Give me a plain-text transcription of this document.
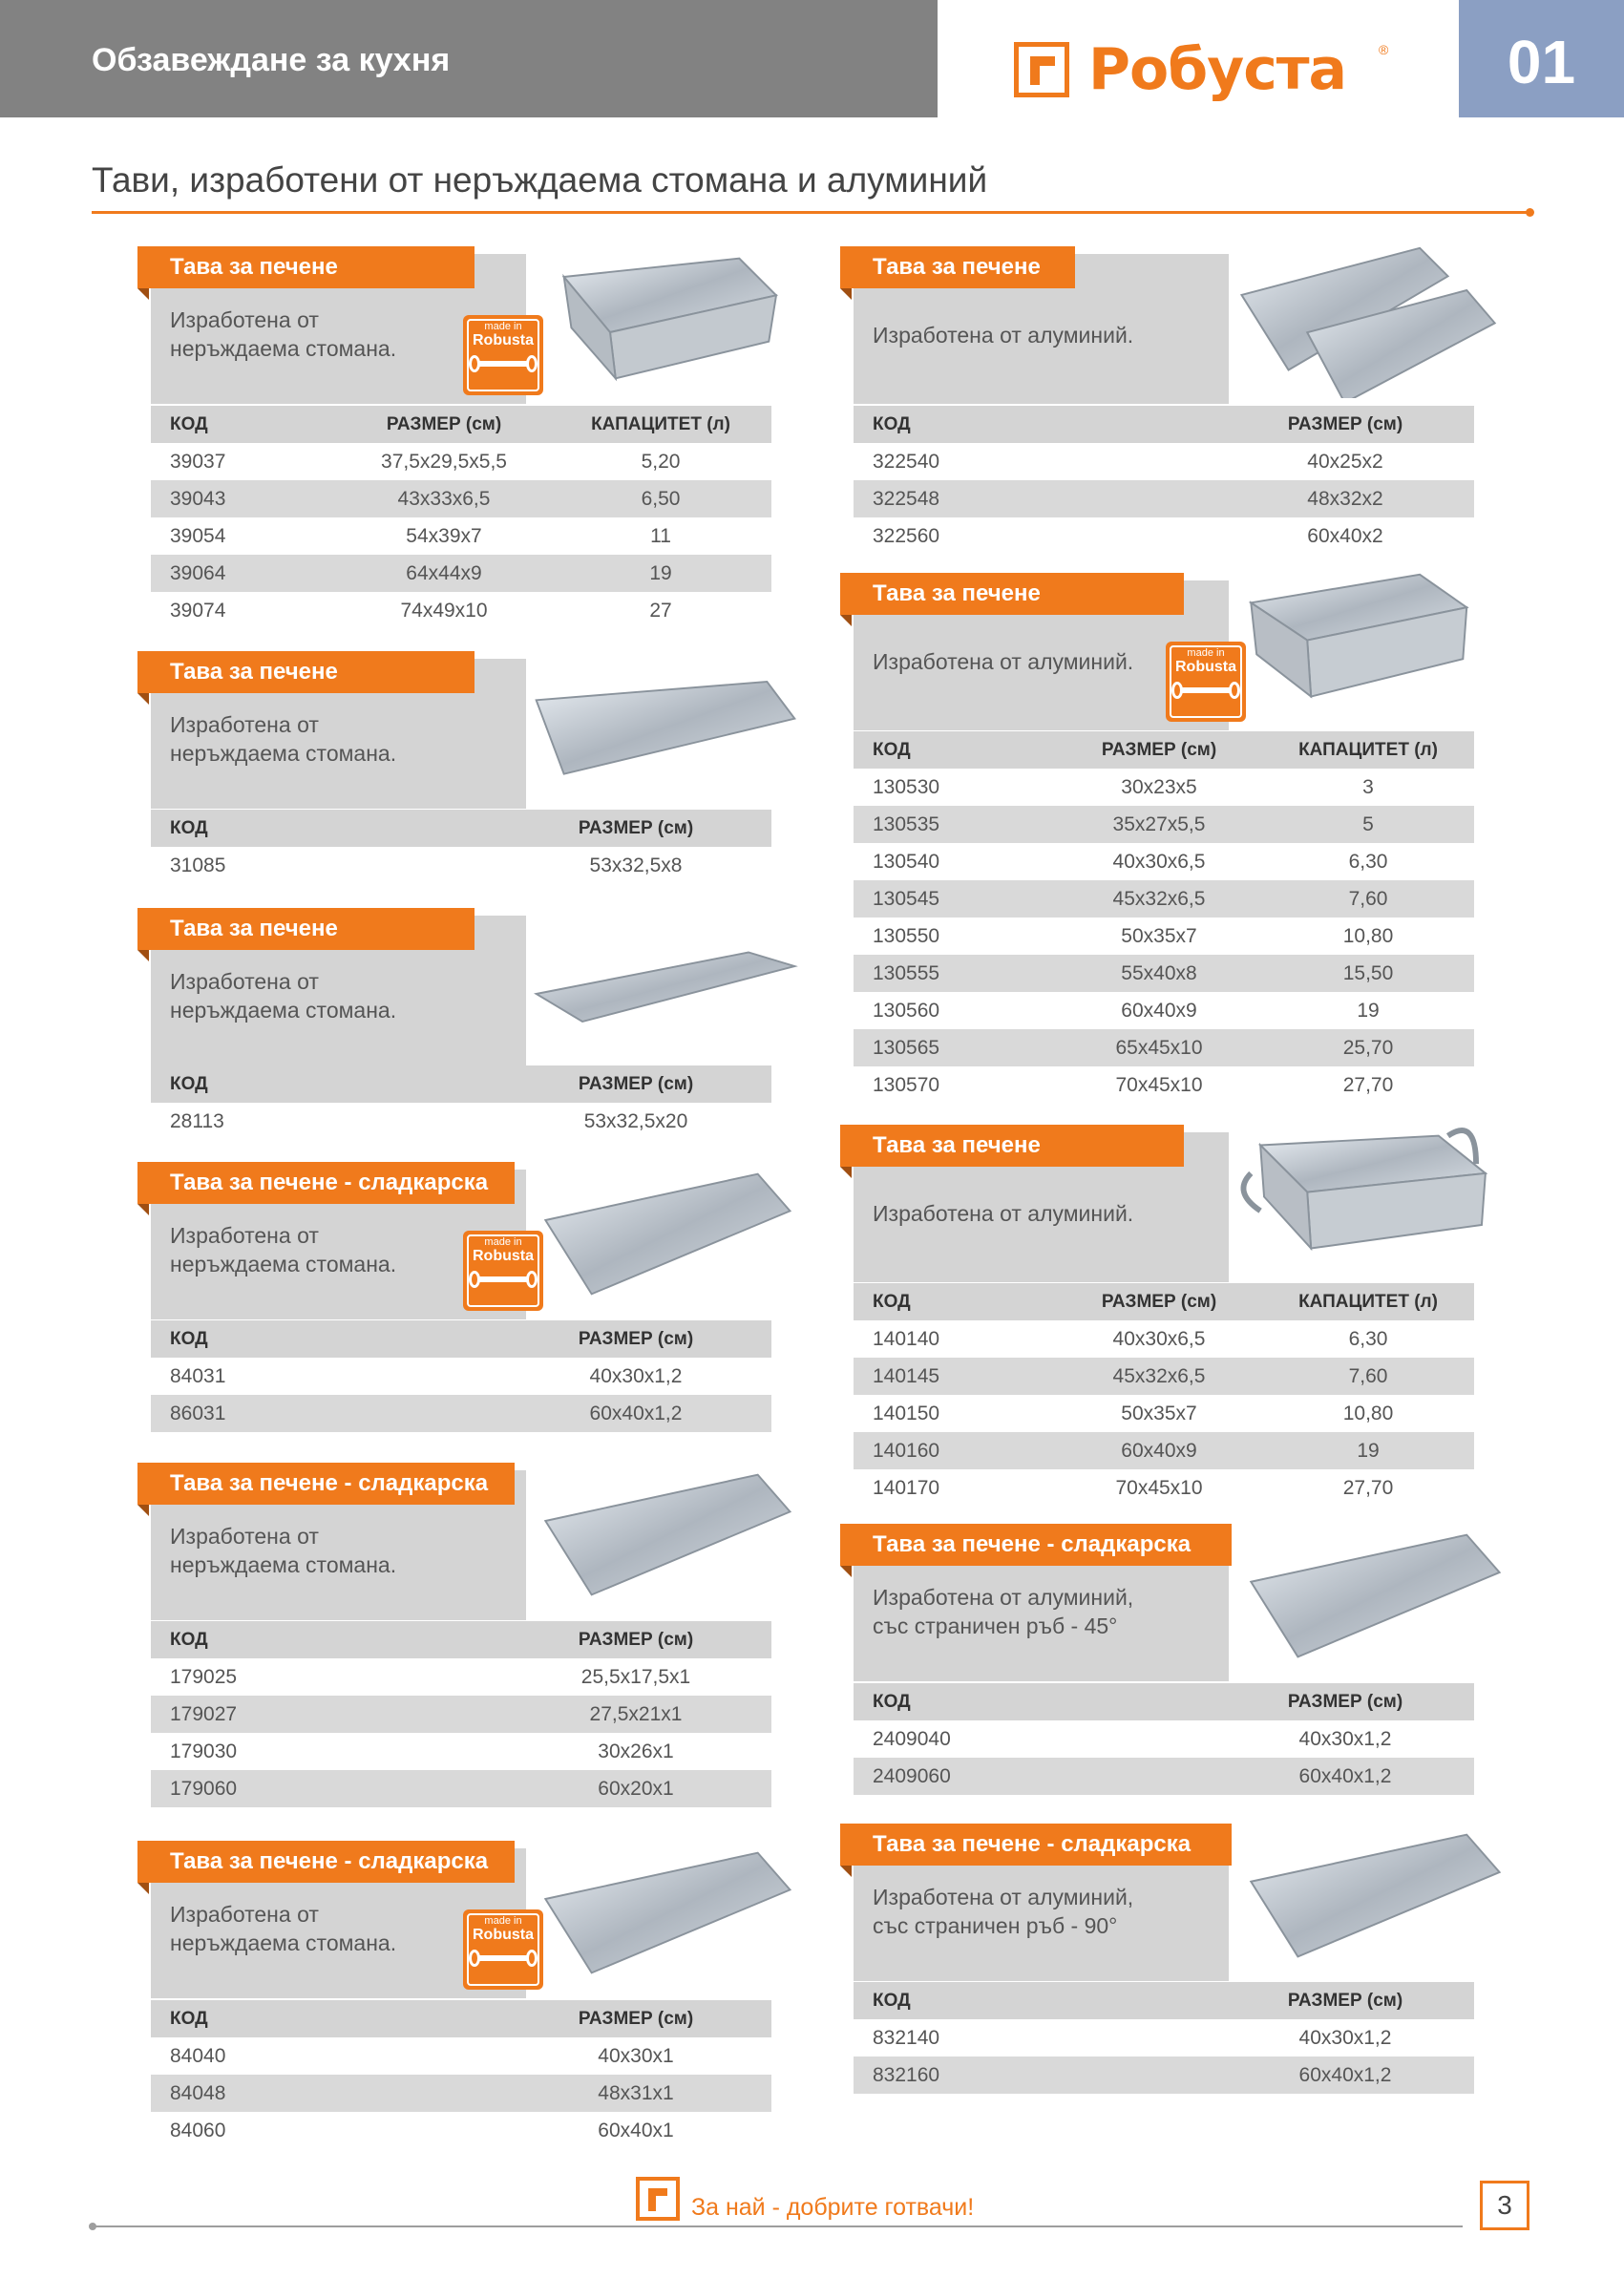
Обзавеждане за кухня	Робуста ®	01
Тави, изработени от неръждаема стомана и алуминий
Тава за печене
Изработена от
неръждаема стомана.
made in
Robusta
КОД	РАЗМЕР (см)	КАПАЦИТЕТ (л)
39037	37,5x29,5x5,5	5,20
39043	43x33x6,5	6,50
39054	54x39x7	11
39064	64x44x9	19
39074	74x49x10	27
Тава за печене
Изработена от
неръждаема стомана.
КОД	РАЗМЕР (см)
31085	53x32,5x8
Тава за печене
Изработена от
неръждаема стомана.
КОД	РАЗМЕР (см)
28113	53x32,5x20
Тава за печене - сладкарска
Изработена от
неръждаема стомана.
made in
Robusta
КОД	РАЗМЕР (см)
84031	40x30x1,2
86031	60x40x1,2
Тава за печене - сладкарска
Изработена от
неръждаема стомана.
КОД	РАЗМЕР (см)
179025	25,5x17,5x1
179027	27,5x21x1
179030	30x26x1
179060	60x20x1
Тава за печене - сладкарска
Изработена от
неръждаема стомана.
made in
Robusta
КОД	РАЗМЕР (см)
84040	40x30x1
84048	48x31x1
84060	60x40x1
Тава за печене
Изработена от алуминий.
КОД	РАЗМЕР (см)
322540	40x25x2
322548	48x32x2
322560	60x40x2
Тава за печене
Изработена от алуминий.	made in
Robusta
КОД	РАЗМЕР (см)	КАПАЦИТЕТ (л)
130530	30x23x5	3
130535	35x27x5,5	5
130540	40x30x6,5	6,30
130545	45x32x6,5	7,60
130550	50x35x7	10,80
130555	55x40x8	15,50
130560	60x40x9	19
130565	65x45x10	25,70
130570	70x45x10	27,70
Тава за печене
Изработена от алуминий.
КОД	РАЗМЕР (см)	КАПАЦИТЕТ (л)
140140	40x30x6,5	6,30
140145	45x32x6,5	7,60
140150	50x35x7	10,80
140160	60x40x9	19
140170	70x45x10	27,70
Тава за печене - сладкарска
Изработена от алуминий,
със страничен ръб - 45°
КОД	РАЗМЕР (см)
2409040	40x30x1,2
2409060	60x40x1,2
Тава за печене - сладкарска
Изработена от алуминий,
със страничен ръб - 90°
КОД	РАЗМЕР (см)
832140	40x30x1,2
832160	60x40x1,2
За най - добрите готвачи!	3
